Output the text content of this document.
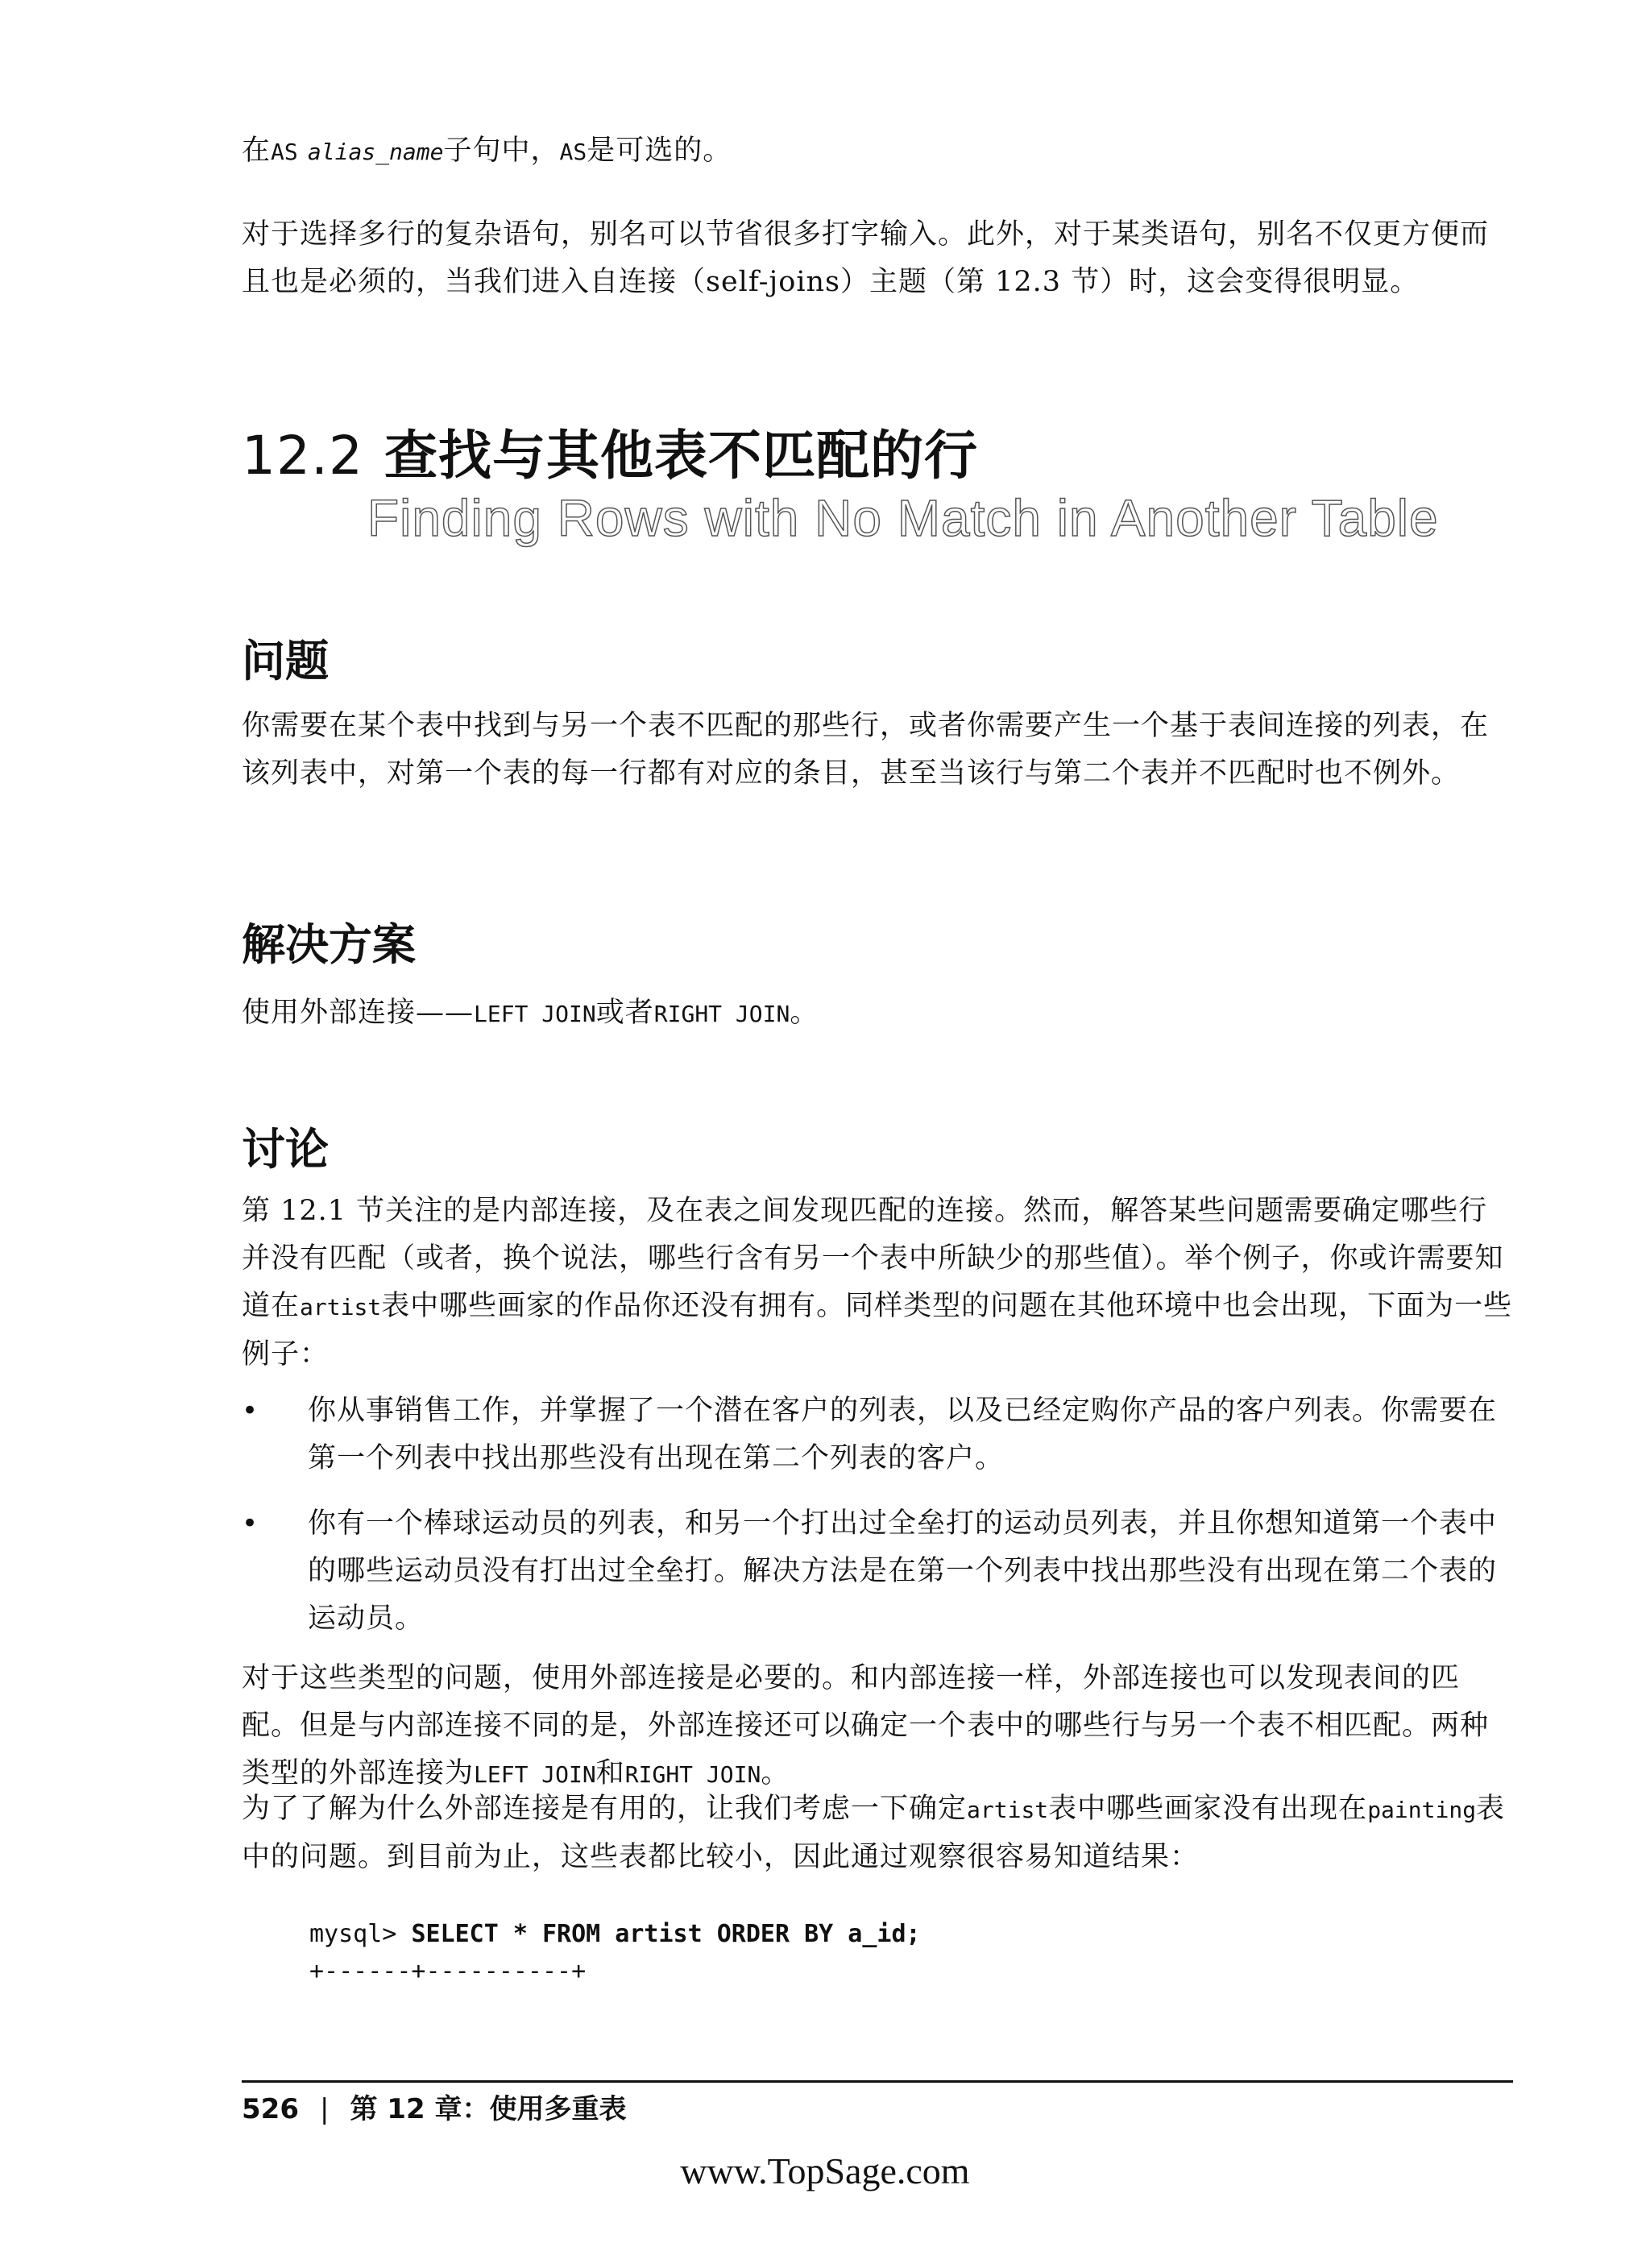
在AS alias_name子句中，AS是可选的。

对于选择多行的复杂语句，别名可以节省很多打字输入。此外，对于某类语句，别名不仅更方便而且也是必须的，当我们进入自连接（self-joins）主题（第 12.3 节）时，这会变得很明显。

12.2 查找与其他表不匹配的行
Finding Rows with No Match in Another Table
问题

你需要在某个表中找到与另一个表不匹配的那些行，或者你需要产生一个基于表间连接的列表，在该列表中，对第一个表的每一行都有对应的条目，甚至当该行与第二个表并不匹配时也不例外。

解决方案

使用外部连接——LEFT JOIN或者RIGHT JOIN。

讨论

第 12.1 节关注的是内部连接，及在表之间发现匹配的连接。然而，解答某些问题需要确定哪些行并没有匹配（或者，换个说法，哪些行含有另一个表中所缺少的那些值）。举个例子，你或许需要知道在artist表中哪些画家的作品你还没有拥有。同样类型的问题在其他环境中也会出现，下面为一些例子：

• 你从事销售工作，并掌握了一个潜在客户的列表，以及已经定购你产品的客户列表。你需要在第一个列表中找出那些没有出现在第二个列表的客户。

• 你有一个棒球运动员的列表，和另一个打出过全垒打的运动员列表，并且你想知道第一个表中的哪些运动员没有打出过全垒打。解决方法是在第一个列表中找出那些没有出现在第二个表的运动员。

对于这些类型的问题，使用外部连接是必要的。和内部连接一样，外部连接也可以发现表间的匹配。但是与内部连接不同的是，外部连接还可以确定一个表中的哪些行与另一个表不相匹配。两种类型的外部连接为LEFT JOIN和RIGHT JOIN。

为了了解为什么外部连接是有用的，让我们考虑一下确定artist表中哪些画家没有出现在painting表中的问题。到目前为止，这些表都比较小，因此通过观察很容易知道结果：

mysql> SELECT * FROM artist ORDER BY a_id;
+------+----------+
526 | 第 12 章：使用多重表
www.TopSage.com
